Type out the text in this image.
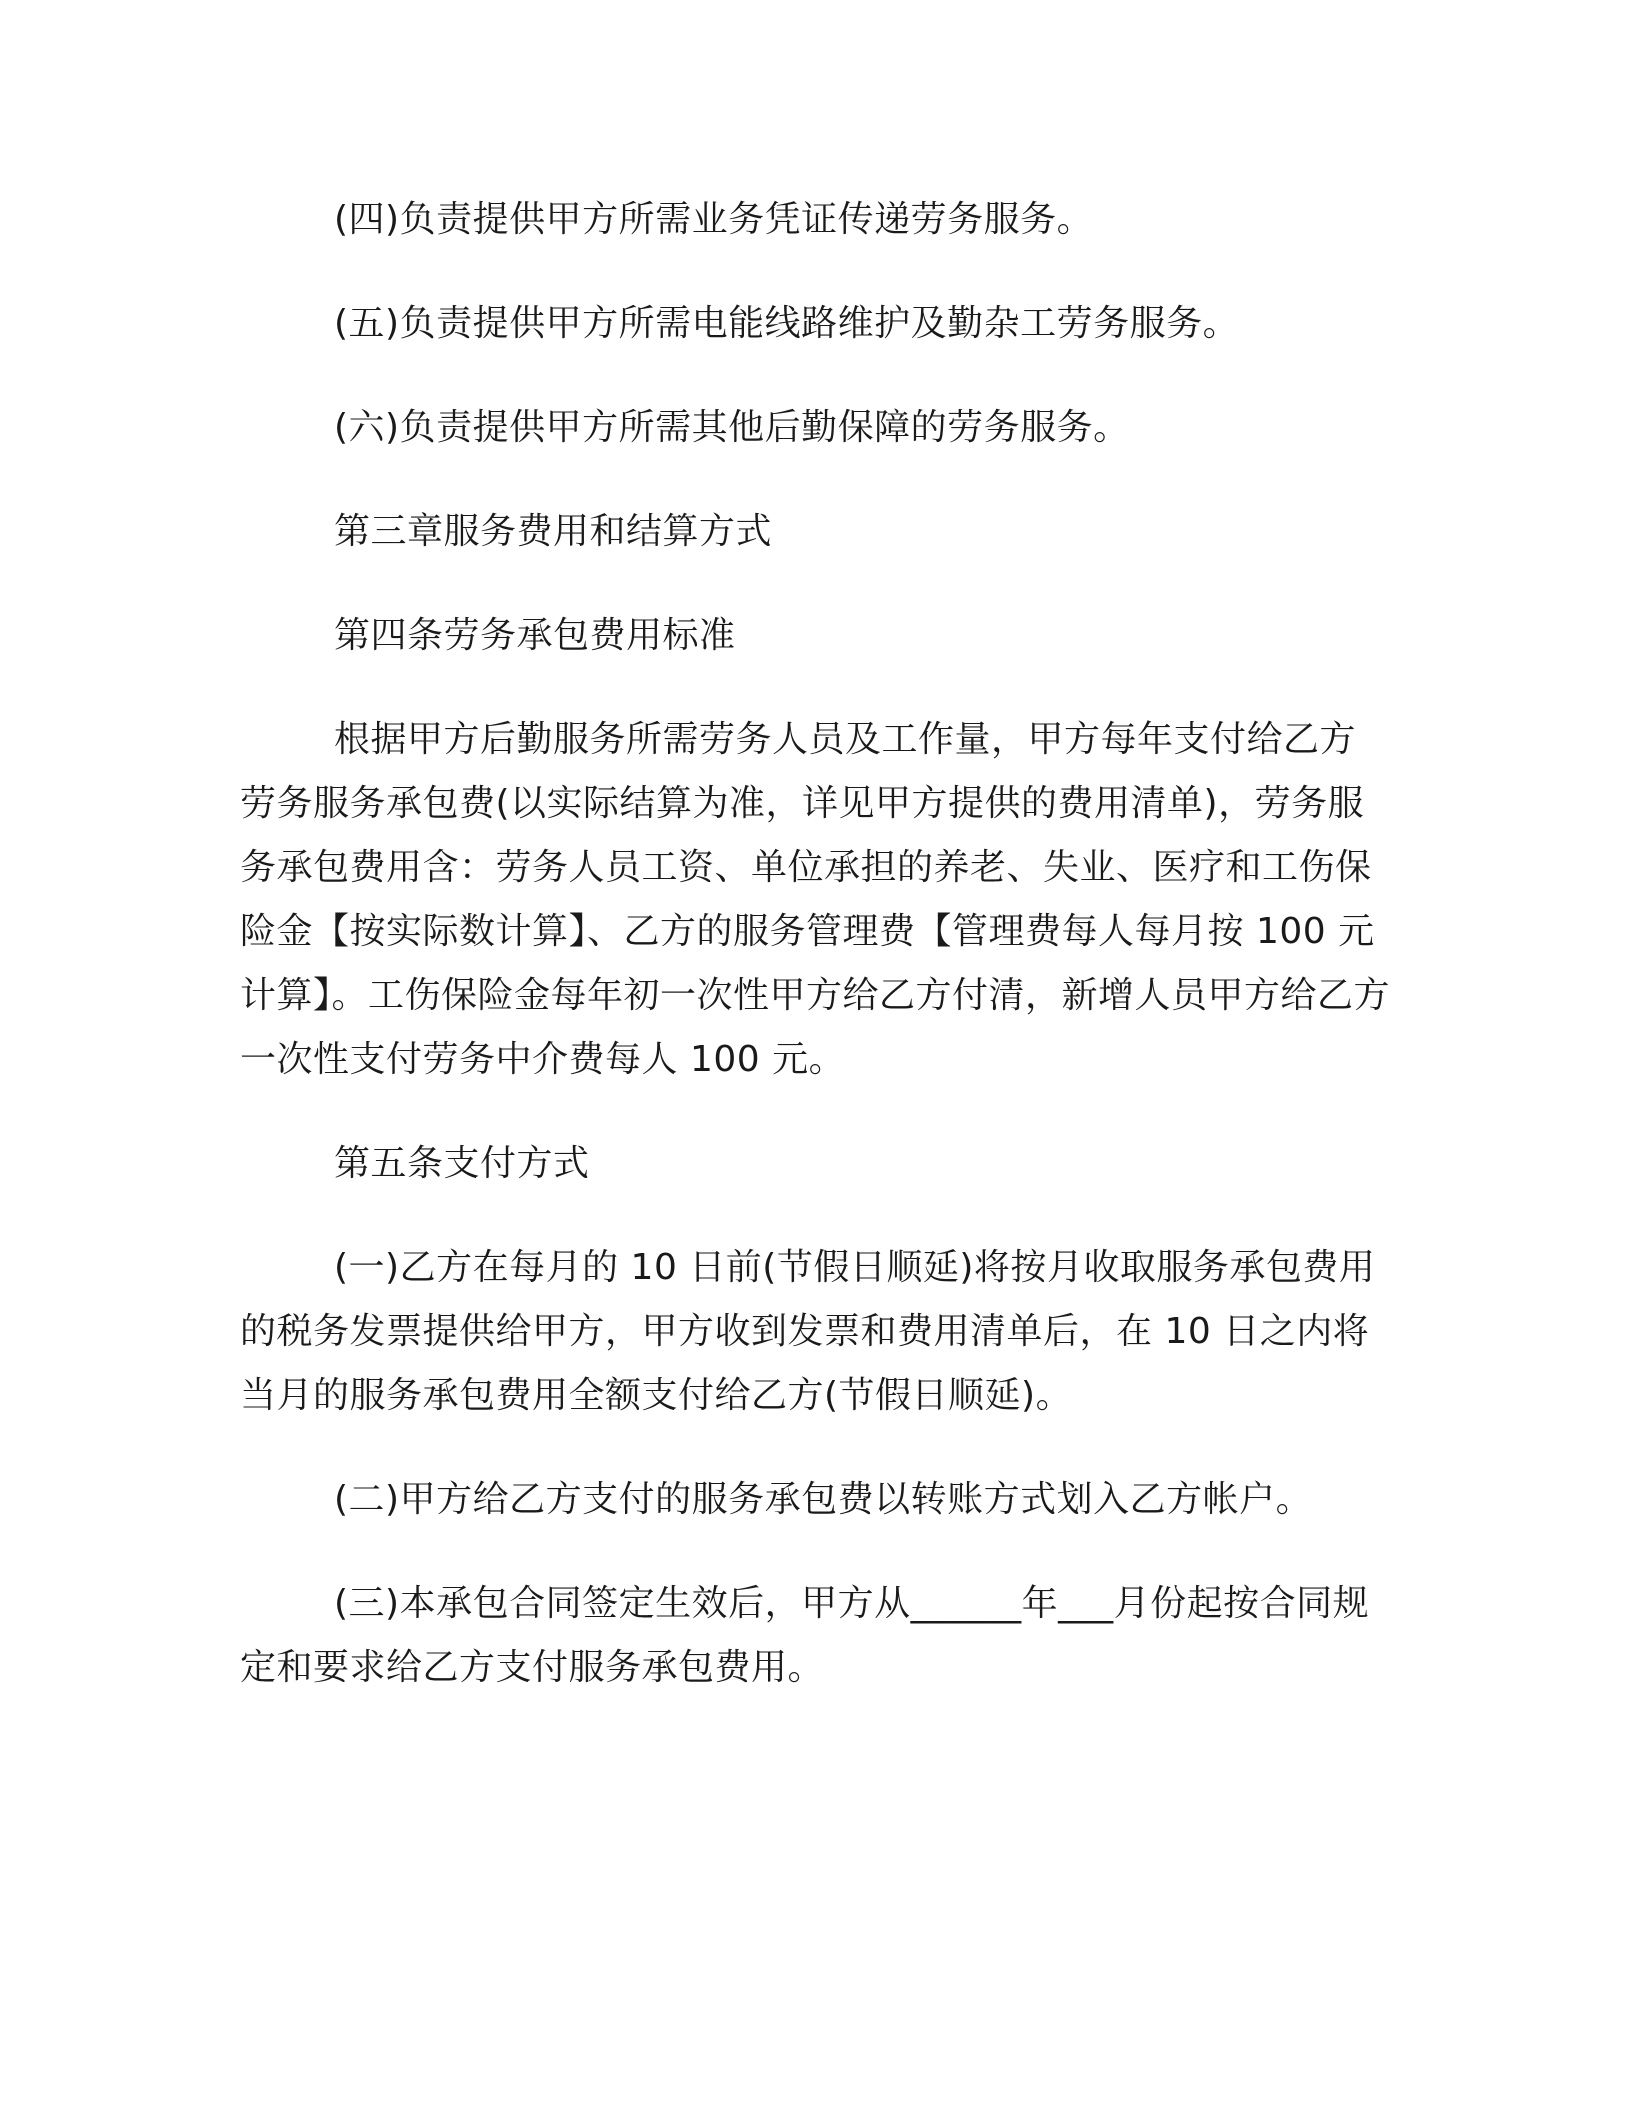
(四)负责提供甲方所需业务凭证传递劳务服务。

(五)负责提供甲方所需电能线路维护及勤杂工劳务服务。

(六)负责提供甲方所需其他后勤保障的劳务服务。

第三章服务费用和结算方式

第四条劳务承包费用标准

根据甲方后勤服务所需劳务人员及工作量，甲方每年支付给乙方劳务服务承包费(以实际结算为准，详见甲方提供的费用清单)，劳务服务承包费用含：劳务人员工资、单位承担的养老、失业、医疗和工伤保险金【按实际数计算】、乙方的服务管理费【管理费每人每月按 100 元计算】。工伤保险金每年初一次性甲方给乙方付清，新增人员甲方给乙方一次性支付劳务中介费每人 100 元。

第五条支付方式

(一)乙方在每月的 10 日前(节假日顺延)将按月收取服务承包费用的税务发票提供给甲方，甲方收到发票和费用清单后，在 10 日之内将当月的服务承包费用全额支付给乙方(节假日顺延)。

(二)甲方给乙方支付的服务承包费以转账方式划入乙方帐户。

(三)本承包合同签定生效后，甲方从______年___月份起按合同规定和要求给乙方支付服务承包费用。
